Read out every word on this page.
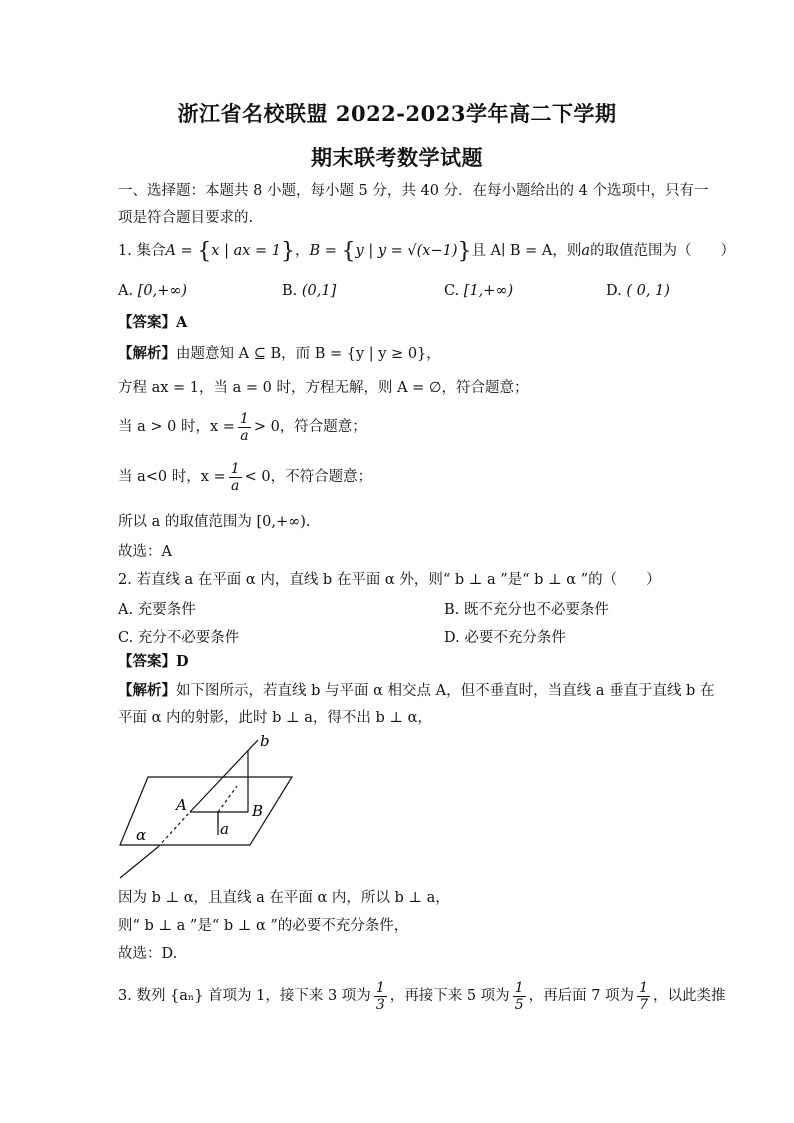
浙江省名校联盟 2022-2023学年高二下学期
期末联考数学试题
一、选择题：本题共 8 小题，每小题 5 分，共 40 分．在每小题给出的 4 个选项中，只有一
项是符合题目要求的.
1. 集合A = {x | ax = 1}，B = {y | y = √(x−1)}且 A∣ B = A，则a的取值范围为（　　）
A. [0,+∞)	B. (0,1]	C. [1,+∞)	D. ( 0, 1)
【答案】A
【解析】由题意知 A ⊆ B，而 B = {y | y ≥ 0}，
方程 ax = 1，当 a = 0 时，方程无解，则 A = ∅，符合题意；
当 a > 0 时，$x = \frac{1}{a} > 0$，符合题意；
当 a<0 时，$x = \frac{1}{a} < 0$，不符合题意；
所以 a 的取值范围为 [0,+∞).
故选：A
2. 若直线 a 在平面 α 内，直线 b 在平面 α 外，则“ b ⊥ a ”是“ b ⊥ α ”的（　　）
A. 充要条件	B. 既不充分也不必要条件
C. 充分不必要条件	D. 必要不充分条件
【答案】D
【解析】如下图所示，若直线 b 与平面 α 相交点 A，但不垂直时，当直线 a 垂直于直线 b 在
平面 α 内的射影，此时 b ⊥ a，得不出 b ⊥ α，
b
A	B
a
α
因为 b ⊥ α，且直线 a 在平面 α 内，所以 b ⊥ a，
则“ b ⊥ a ”是“ b ⊥ α ”的必要不充分条件，
故选：D.
3. 数列 {aₙ} 首项为 1，接下来 3 项为 $\frac{1}{3}$ ，再接下来 5 项为 $\frac{1}{5}$ ，再后面 7 项为 $\frac{1}{7}$ ，以此类推
